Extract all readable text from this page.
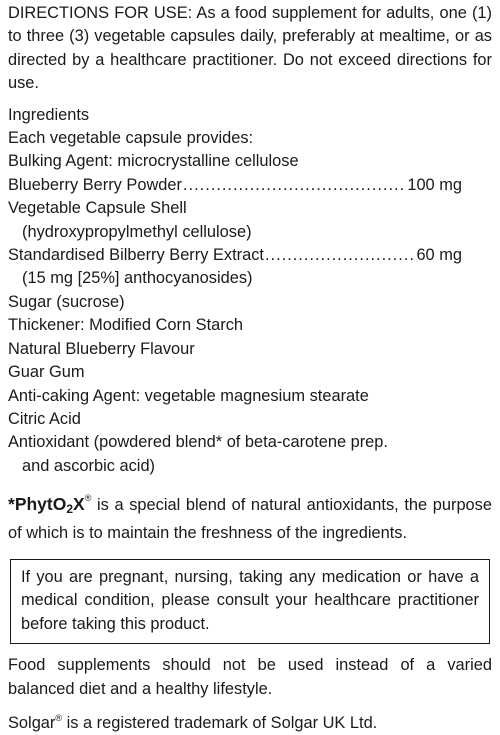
DIRECTIONS FOR USE: As a food supplement for adults, one (1) to three (3) vegetable capsules daily, preferably at mealtime, or as directed by a healthcare practitioner. Do not exceed directions for use.

Ingredients

Each vegetable capsule provides:

Bulking Agent: microcrystalline cellulose

Blueberry Berry Powder .....	100 mg

Vegetable Capsule Shell

(hydroxypropylmethyl cellulose)

Standardised Bilberry Berry Extract .....	60 mg

(15 mg [25%] anthocyanosides)

Sugar (sucrose)

Thickener: Modified Corn Starch

Natural Blueberry Flavour

Guar Gum

Anti-caking Agent: vegetable magnesium stearate

Citric Acid

Antioxidant (powdered blend* of beta-carotene prep.

and ascorbic acid)

*PhytO$_2$X® is a special blend of natural antioxidants, the purpose of which is to maintain the freshness of the ingredients.

If you are pregnant, nursing, taking any medication or have a medical condition, please consult your healthcare practitioner before taking this product.

Food supplements should not be used instead of a varied balanced diet and a healthy lifestyle.

Solgar® is a registered trademark of Solgar UK Ltd.
